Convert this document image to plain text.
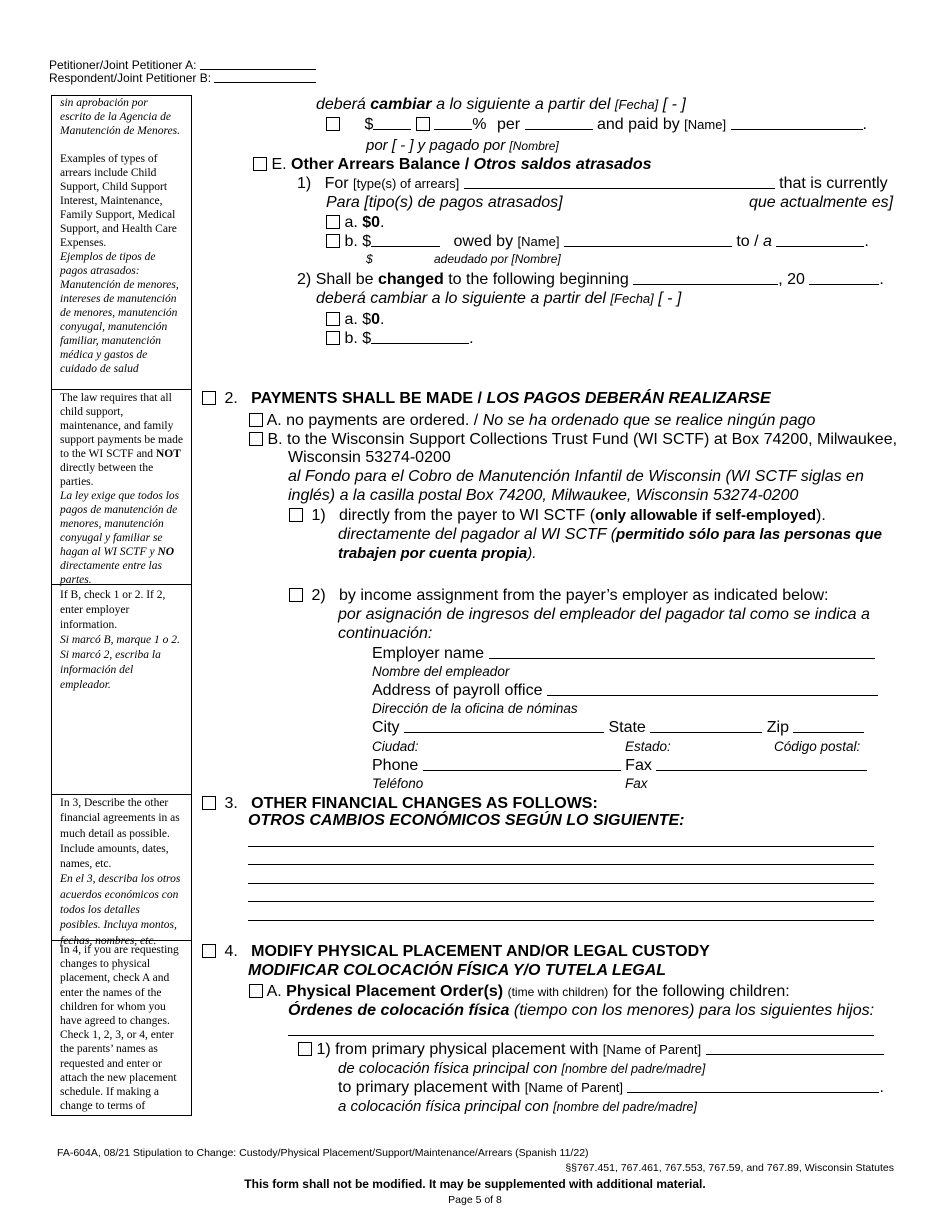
Petitioner/Joint Petitioner A:
Respondent/Joint Petitioner B:
sin aprobación por
escrito de la Agencia de
Manutención de Menores.
Examples of types of arrears include Child Support, Child Support Interest, Maintenance, Family Support, Medical Support, and Health Care Expenses.
Ejemplos de tipos de pagos atrasados: Manutención de menores, intereses de manutención de menores, manutención conyugal, manutención familiar, manutención médica y gastos de cuidado de salud
The law requires that all child support, maintenance, and family support payments be made to the WI SCTF and NOT directly between the parties.
La ley exige que todos los pagos de manutención de menores, manutención conyugal y familiar se hagan al WI SCTF y NO directamente entre las partes.
If B, check 1 or 2. If 2, enter employer information.
Si marcó B, marque 1 o 2. Si marcó 2, escriba la información del empleador.
In 3, Describe the other financial agreements in as much detail as possible. Include amounts, dates, names, etc.
En el 3, describa los otros acuerdos económicos con todos los detalles posibles. Incluya montos, fechas, nombres, etc.
In 4, if you are requesting changes to physical placement, check A and enter the names of the children for whom you have agreed to changes. Check 1, 2, 3, or 4, enter the parents’ names as requested and enter or attach the new placement schedule. If making a change to terms of
deberá cambiar a lo siguiente a partir del [Fecha] [ - ]
$	% per	and paid by [Name]	.
por [ - ] y pagado por [Nombre]
E. Other Arrears Balance / Otros saldos atrasados
1) For [type(s) of arrears]	that is currently
Para [tipo(s) de pagos atrasados]	que actualmente es]
a. $0.
b. $	owed by [Name]	to / a	.
$	adeudado por [Nombre]
2) Shall be changed to the following beginning	, 20	.
deberá cambiar a lo siguiente a partir del [Fecha] [ - ]
a. $0.
b. $	.
2. PAYMENTS SHALL BE MADE / LOS PAGOS DEBERÁN REALIZARSE
A. no payments are ordered. / No se ha ordenado que se realice ningún pago
B. to the Wisconsin Support Collections Trust Fund (WI SCTF) at Box 74200, Milwaukee,
Wisconsin 53274-0200
al Fondo para el Cobro de Manutención Infantil de Wisconsin (WI SCTF siglas en
inglés) a la casilla postal Box 74200, Milwaukee, Wisconsin 53274-0200
1) directly from the payer to WI SCTF (only allowable if self-employed).
directamente del pagador al WI SCTF (permitido sólo para las personas que
trabajen por cuenta propia).
2) by income assignment from the payer’s employer as indicated below:
por asignación de ingresos del empleador del pagador tal como se indica a
continuación:
Employer name
Nombre del empleador
Address of payroll office
Dirección de la oficina de nóminas
City	State	Zip
Ciudad:	Estado:	Código postal:
Phone	Fax
Teléfono	Fax
3. OTHER FINANCIAL CHANGES AS FOLLOWS:
OTROS CAMBIOS ECONÓMICOS SEGÚN LO SIGUIENTE:
4. MODIFY PHYSICAL PLACEMENT AND/OR LEGAL CUSTODY
MODIFICAR COLOCACIÓN FÍSICA Y/O TUTELA LEGAL
A. Physical Placement Order(s) (time with children) for the following children:
Órdenes de colocación física (tiempo con los menores) para los siguientes hijos:
1) from primary physical placement with [Name of Parent]
de colocación física principal con [nombre del padre/madre]
to primary placement with [Name of Parent]	.
a colocación física principal con [nombre del padre/madre]
FA-604A, 08/21 Stipulation to Change: Custody/Physical Placement/Support/Maintenance/Arrears (Spanish 11/22)
§§767.451, 767.461, 767.553, 767.59, and 767.89, Wisconsin Statutes
This form shall not be modified. It may be supplemented with additional material.
Page 5 of 8
